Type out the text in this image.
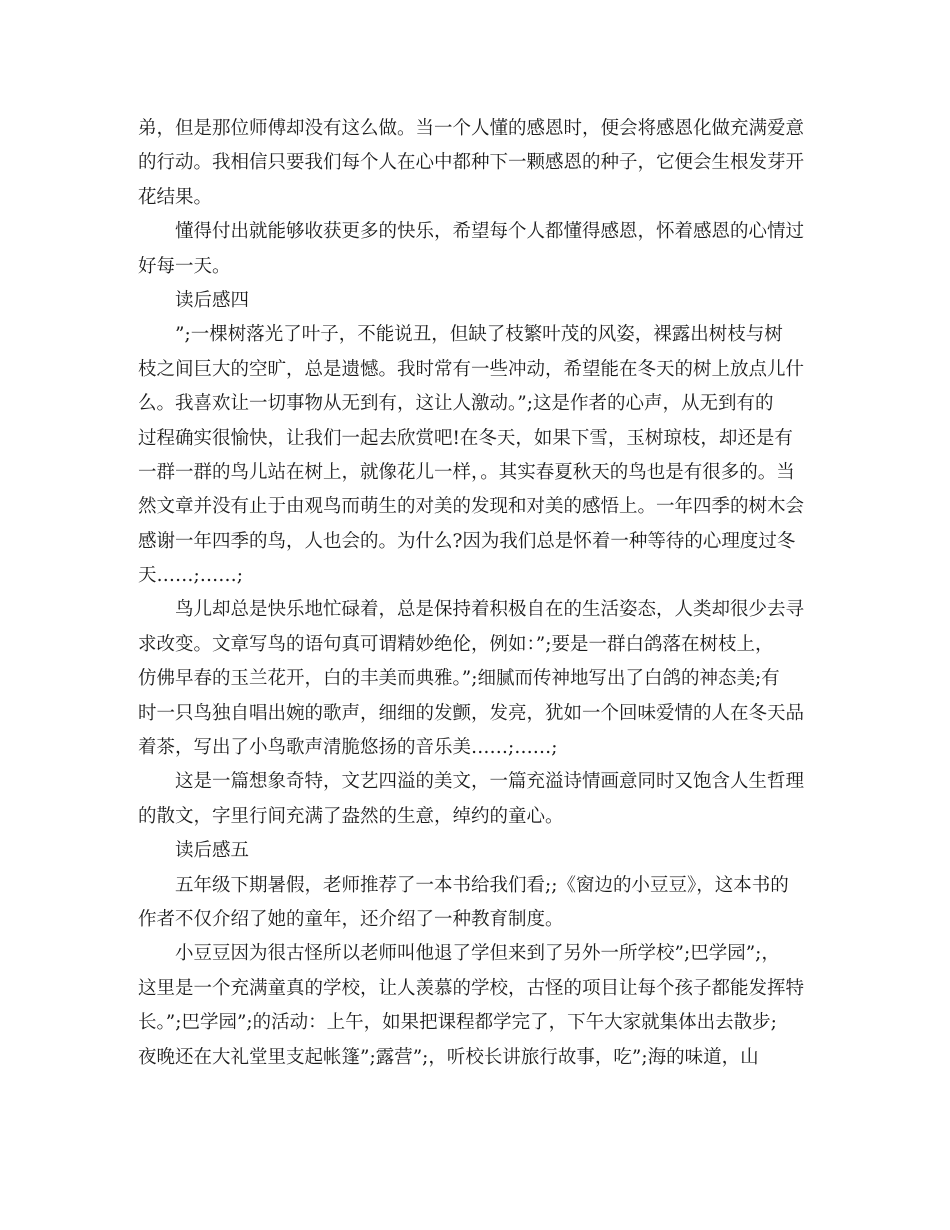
弟，但是那位师傅却没有这么做。当一个人懂的感恩时，便会将感恩化做充满爱意
的行动。我相信只要我们每个人在心中都种下一颗感恩的种子，它便会生根发芽开
花结果。
懂得付出就能够收获更多的快乐，希望每个人都懂得感恩，怀着感恩的心情过
好每一天。
读后感四
”;一棵树落光了叶子，不能说丑，但缺了枝繁叶茂的风姿，裸露出树枝与树
枝之间巨大的空旷，总是遗憾。我时常有一些冲动，希望能在冬天的树上放点儿什
么。我喜欢让一切事物从无到有，这让人激动。”;这是作者的心声，从无到有的
过程确实很愉快，让我们一起去欣赏吧!在冬天，如果下雪，玉树琼枝，却还是有
一群一群的鸟儿站在树上，就像花儿一样，。其实春夏秋天的鸟也是有很多的。当
然文章并没有止于由观鸟而萌生的对美的发现和对美的感悟上。一年四季的树木会
感谢一年四季的鸟，人也会的。为什么?因为我们总是怀着一种等待的心理度过冬
天……;……;
鸟儿却总是快乐地忙碌着，总是保持着积极自在的生活姿态，人类却很少去寻
求改变。文章写鸟的语句真可谓精妙绝伦，例如：”;要是一群白鸽落在树枝上，
仿佛早春的玉兰花开，白的丰美而典雅。”;细腻而传神地写出了白鸽的神态美;有
时一只鸟独自唱出婉的歌声，细细的发颤，发亮，犹如一个回味爱情的人在冬天品
着茶，写出了小鸟歌声清脆悠扬的音乐美……;……;
这是一篇想象奇特，文艺四溢的美文，一篇充溢诗情画意同时又饱含人生哲理
的散文，字里行间充满了盎然的生意，绰约的童心。
读后感五
五年级下期暑假，老师推荐了一本书给我们看;;《窗边的小豆豆》，这本书的
作者不仅介绍了她的童年，还介绍了一种教育制度。
小豆豆因为很古怪所以老师叫他退了学但来到了另外一所学校”;巴学园”;，
这里是一个充满童真的学校，让人羡慕的学校，古怪的项目让每个孩子都能发挥特
长。”;巴学园”;的活动：上午，如果把课程都学完了，下午大家就集体出去散步;
夜晚还在大礼堂里支起帐篷”;露营”;，听校长讲旅行故事，吃”;海的味道，山
